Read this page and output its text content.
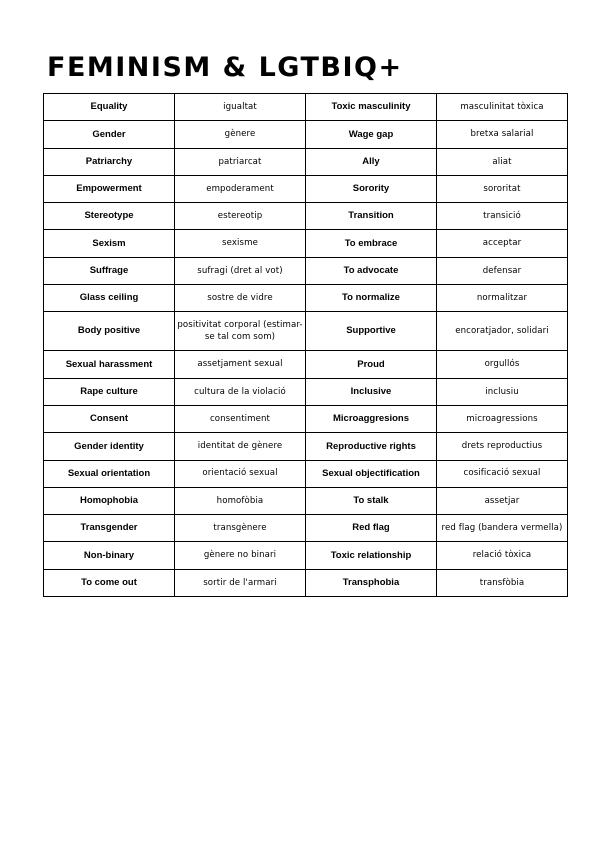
FEMINISM & LGTBIQ+
Equality	igualtat	Toxic masculinity	masculinitat tòxica
Gender	gènere	Wage gap	bretxa salarial
Patriarchy	patriarcat	Ally	aliat
Empowerment	empoderament	Sorority	sororitat
Stereotype	estereotip	Transition	transició
Sexism	sexisme	To embrace	acceptar
Suffrage	sufragi (dret al vot)	To advocate	defensar
Glass ceiling	sostre de vidre	To normalize	normalitzar
Body positive	positivitat corporal (estimar-se tal com som)	Supportive	encoratjador, solidari
Sexual harassment	assetjament sexual	Proud	orgullós
Rape culture	cultura de la violació	Inclusive	inclusiu
Consent	consentiment	Microaggresions	microagressions
Gender identity	identitat de gènere	Reproductive rights	drets reproductius
Sexual orientation	orientació sexual	Sexual objectification	cosificació sexual
Homophobia	homofòbia	To stalk	assetjar
Transgender	transgènere	Red flag	red flag (bandera vermella)
Non-binary	gènere no binari	Toxic relationship	relació tòxica
To come out	sortir de l'armari	Transphobia	transfòbia
